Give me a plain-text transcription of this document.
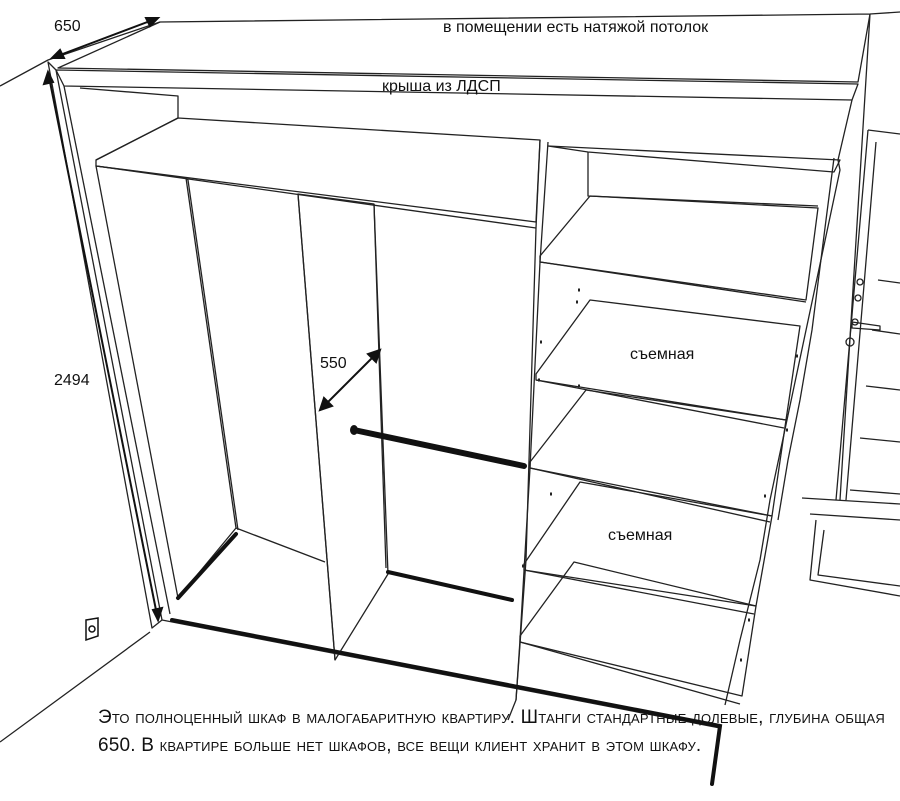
650
2494
550
в помещении есть натяжой потолок
крыша из ЛДСП
съемная
съемная
Это полноценный шкаф в малогабаритную квартиру. Штанги стандартные долевые, глубина общая 650. В квартире больше нет шкафов, все вещи клиент хранит в этом шкафу.
